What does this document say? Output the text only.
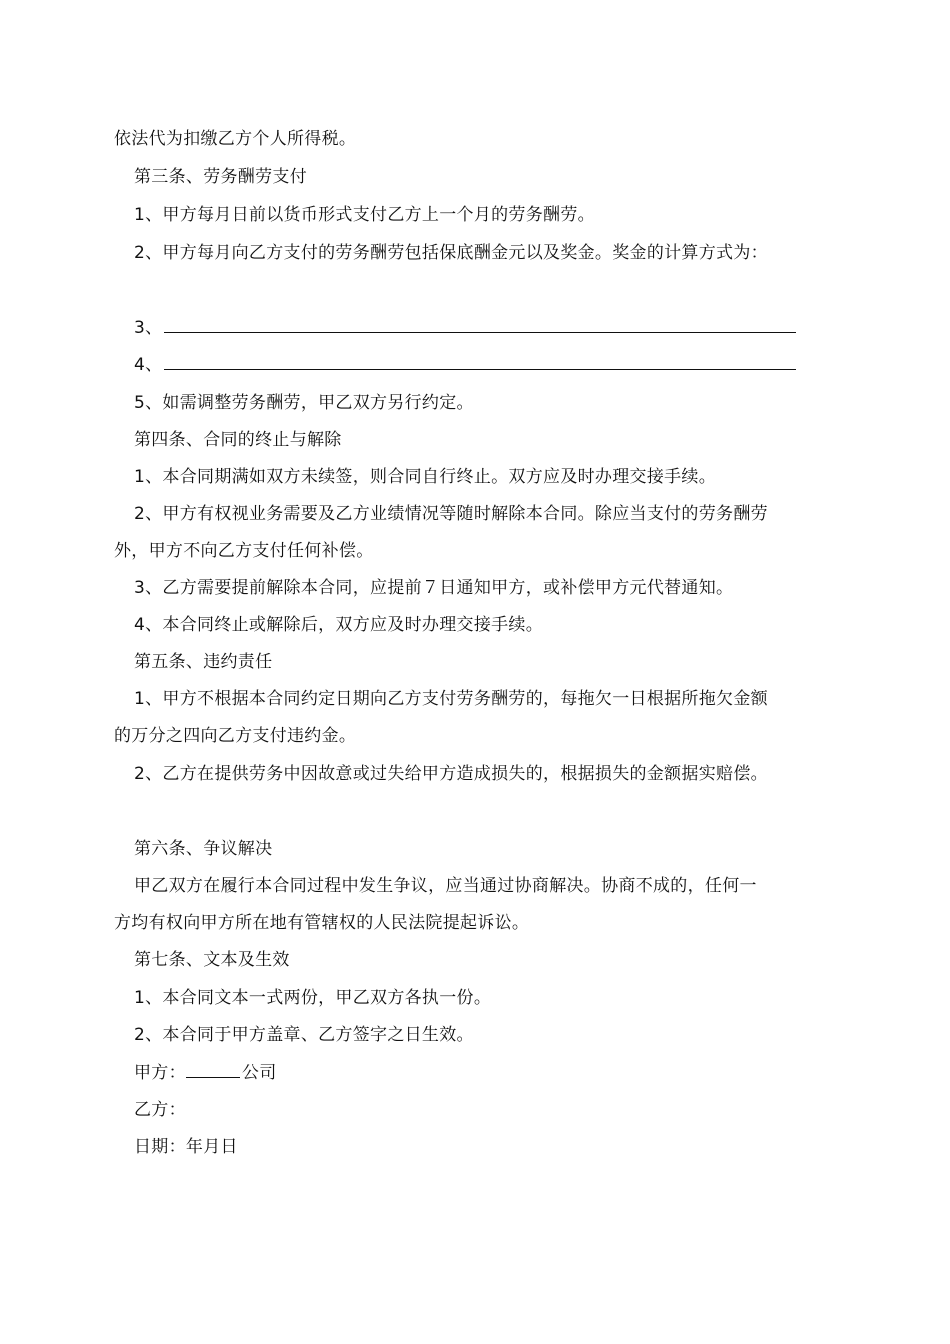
依法代为扣缴乙方个人所得税。
第三条、劳务酬劳支付
1、甲方每月日前以货币形式支付乙方上一个月的劳务酬劳。
2、甲方每月向乙方支付的劳务酬劳包括保底酬金元以及奖金。奖金的计算方式为：
3、
4、
5、如需调整劳务酬劳，甲乙双方另行约定。
第四条、合同的终止与解除
1、本合同期满如双方未续签，则合同自行终止。双方应及时办理交接手续。
2、甲方有权视业务需要及乙方业绩情况等随时解除本合同。除应当支付的劳务酬劳
外，甲方不向乙方支付任何补偿。
3、乙方需要提前解除本合同，应提前７日通知甲方，或补偿甲方元代替通知。
4、本合同终止或解除后，双方应及时办理交接手续。
第五条、违约责任
1、甲方不根据本合同约定日期向乙方支付劳务酬劳的，每拖欠一日根据所拖欠金额
的万分之四向乙方支付违约金。
2、乙方在提供劳务中因故意或过失给甲方造成损失的，根据损失的金额据实赔偿。
第六条、争议解决
甲乙双方在履行本合同过程中发生争议，应当通过协商解决。协商不成的，任何一
方均有权向甲方所在地有管辖权的人民法院提起诉讼。
第七条、文本及生效
1、本合同文本一式两份，甲乙双方各执一份。
2、本合同于甲方盖章、乙方签字之日生效。
甲方：	公司
乙方：
日期：年月日
